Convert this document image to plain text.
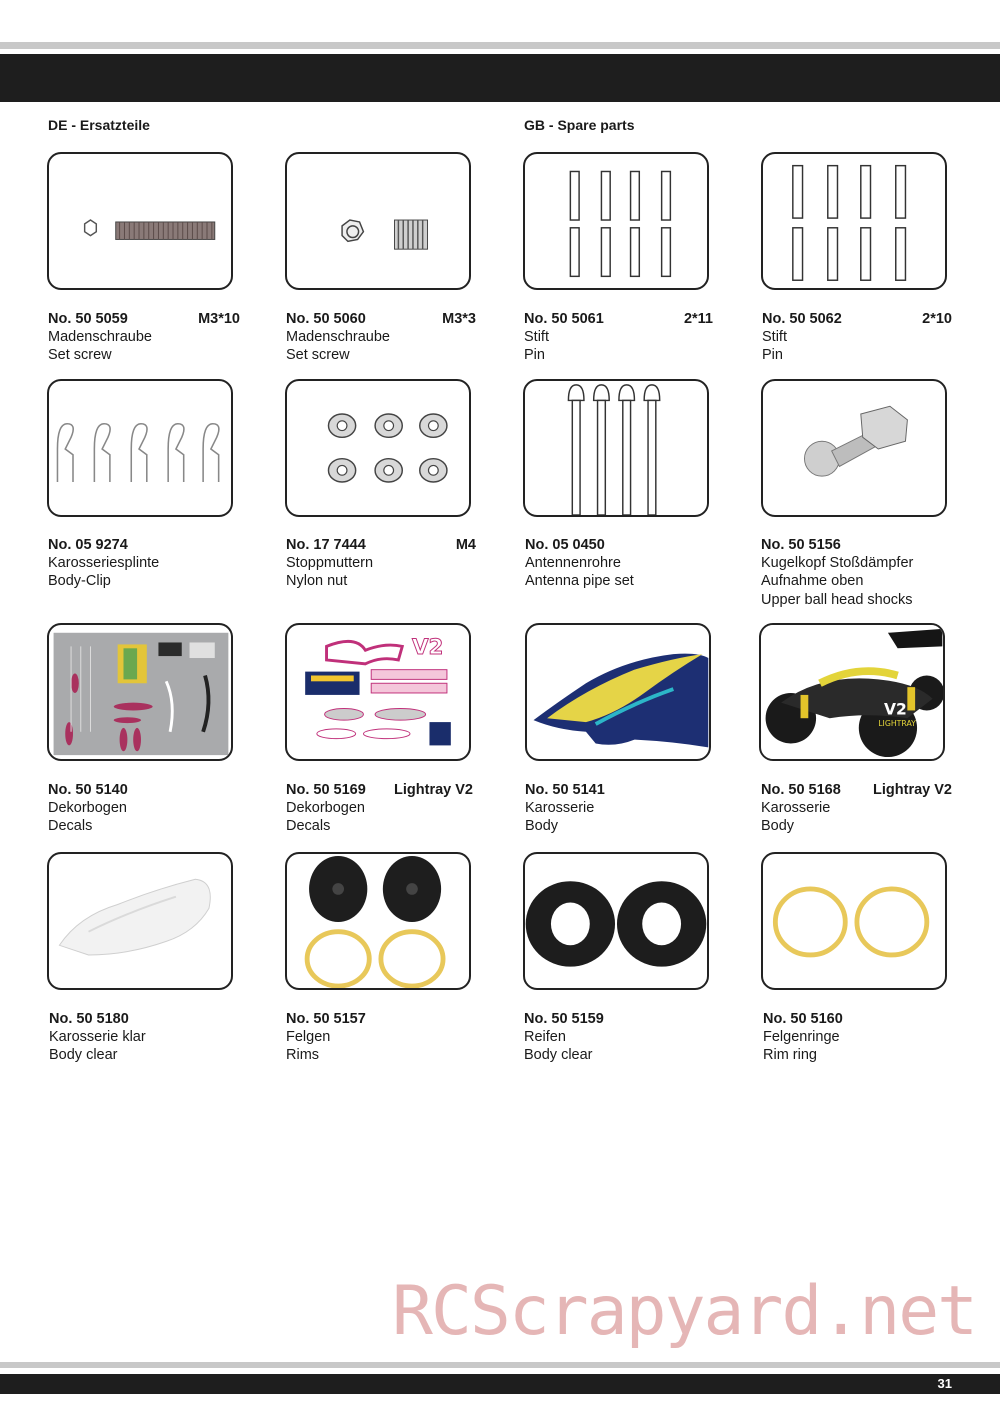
DE - Ersatzteile	GB - Spare parts
No. 50 5059	M3*10
Madenschraube
Set screw
No. 50 5060	M3*3
Madenschraube
Set screw
No. 50 5061	2*11
Stift
Pin
No. 50 5062	2*10
Stift
Pin
No. 05 9274
Karosseriesplinte
Body-Clip
No. 17 7444	M4
Stoppmuttern
Nylon nut
No. 05 0450
Antennenrohre
Antenna pipe set
No. 50 5156
Kugelkopf Stoßdämpfer
Aufnahme oben
Upper ball head shocks
V2
V2
LIGHTRAY
No. 50 5140
Dekorbogen
Decals
No. 50 5169 Lightray V2
Dekorbogen
Decals
No. 50 5141
Karosserie
Body
No. 50 5168 Lightray V2
Karosserie
Body
No. 50 5180
Karosserie klar
Body clear
No. 50 5157
Felgen
Rims
No. 50 5159
Reifen
Body clear
No. 50 5160
Felgenringe
Rim ring
RCScrapyard.net
31
